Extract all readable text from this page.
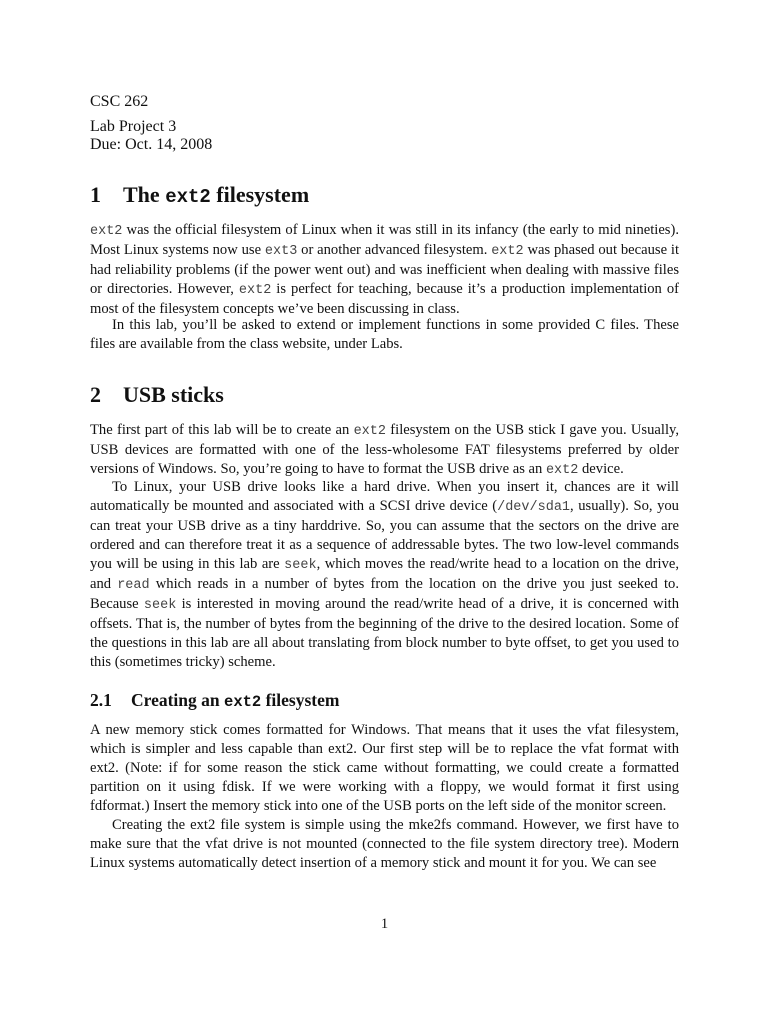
CSC 262
Lab Project 3
Due: Oct. 14, 2008
1 The ext2 filesystem
ext2 was the official filesystem of Linux when it was still in its infancy (the early to mid nineties). Most Linux systems now use ext3 or another advanced filesystem. ext2 was phased out because it had reliability problems (if the power went out) and was inefficient when dealing with massive files or directories. However, ext2 is perfect for teaching, because it’s a production implementation of most of the filesystem concepts we’ve been discussing in class.
In this lab, you’ll be asked to extend or implement functions in some provided C files. These files are available from the class website, under Labs.
2 USB sticks
The first part of this lab will be to create an ext2 filesystem on the USB stick I gave you. Usually, USB devices are formatted with one of the less-wholesome FAT filesystems preferred by older versions of Windows. So, you’re going to have to format the USB drive as an ext2 device.
To Linux, your USB drive looks like a hard drive. When you insert it, chances are it will automatically be mounted and associated with a SCSI drive device (/dev/sda1, usually). So, you can treat your USB drive as a tiny harddrive. So, you can assume that the sectors on the drive are ordered and can therefore treat it as a sequence of addressable bytes. The two low-level commands you will be using in this lab are seek, which moves the read/write head to a location on the drive, and read which reads in a number of bytes from the location on the drive you just seeked to. Because seek is interested in moving around the read/write head of a drive, it is concerned with offsets. That is, the number of bytes from the beginning of the drive to the desired location. Some of the questions in this lab are all about translating from block number to byte offset, to get you used to this (sometimes tricky) scheme.
2.1 Creating an ext2 filesystem
A new memory stick comes formatted for Windows. That means that it uses the vfat filesystem, which is simpler and less capable than ext2. Our first step will be to replace the vfat format with ext2. (Note: if for some reason the stick came without formatting, we could create a formatted partition on it using fdisk. If we were working with a floppy, we would format it first using fdformat.) Insert the memory stick into one of the USB ports on the left side of the monitor screen.
Creating the ext2 file system is simple using the mke2fs command. However, we first have to make sure that the vfat drive is not mounted (connected to the file system directory tree). Modern Linux systems automatically detect insertion of a memory stick and mount it for you. We can see
1
